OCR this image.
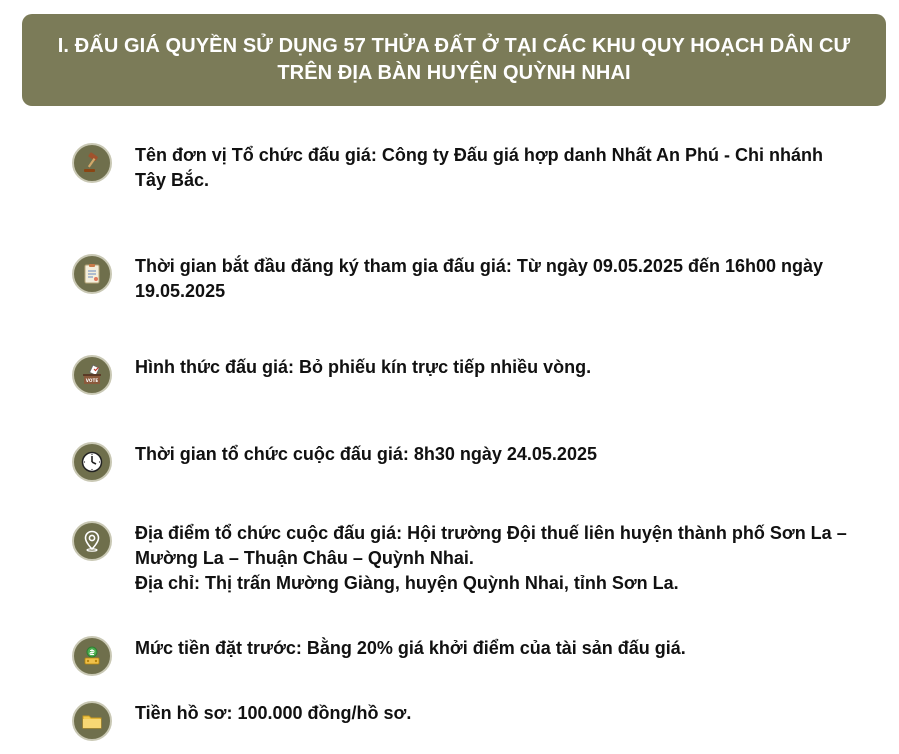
I. ĐẤU GIÁ QUYỀN SỬ DỤNG 57 THỬA ĐẤT Ở TẠI CÁC KHU QUY HOẠCH DÂN CƯ TRÊN ĐỊA BÀN HUYỆN QUỲNH NHAI
Tên đơn vị Tổ chức đấu giá: Công ty Đấu giá hợp danh Nhất An Phú - Chi nhánh Tây Bắc.
Thời gian bắt đầu đăng ký tham gia đấu giá: Từ ngày 09.05.2025 đến 16h00 ngày 19.05.2025
VOTE
Hình thức đấu giá: Bỏ phiếu kín trực tiếp nhiều vòng.
Thời gian tổ chức cuộc đấu giá: 8h30 ngày 24.05.2025
Địa điểm tổ chức cuộc đấu giá: Hội trường Đội thuế liên huyện thành phố Sơn La – Mường La – Thuận Châu – Quỳnh Nhai.
Địa chỉ: Thị trấn Mường Giàng, huyện Quỳnh Nhai, tỉnh Sơn La.
Mức tiền đặt trước: Bằng 20% giá khởi điểm của tài sản đấu giá.
Tiền hồ sơ: 100.000 đồng/hồ sơ.
